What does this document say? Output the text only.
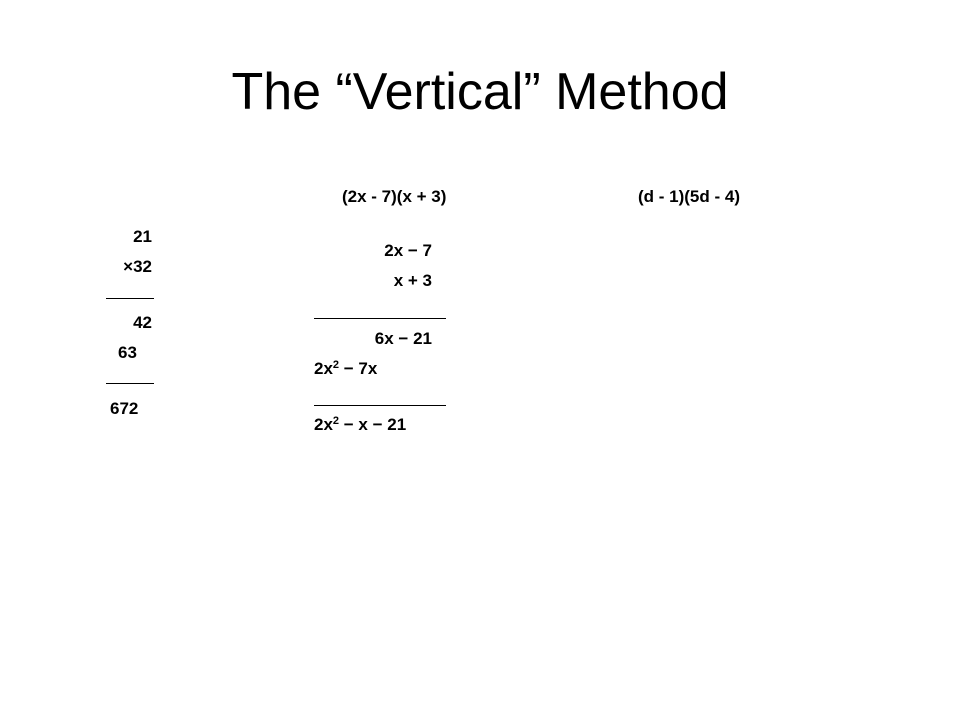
The “Vertical” Method
21
×32
42
63
672
(2x - 7)(x + 3)
2x − 7
x + 3
6x − 21
$2x^2 - 7x$
$2x^2 - x - 21$
(d - 1)(5d - 4)
